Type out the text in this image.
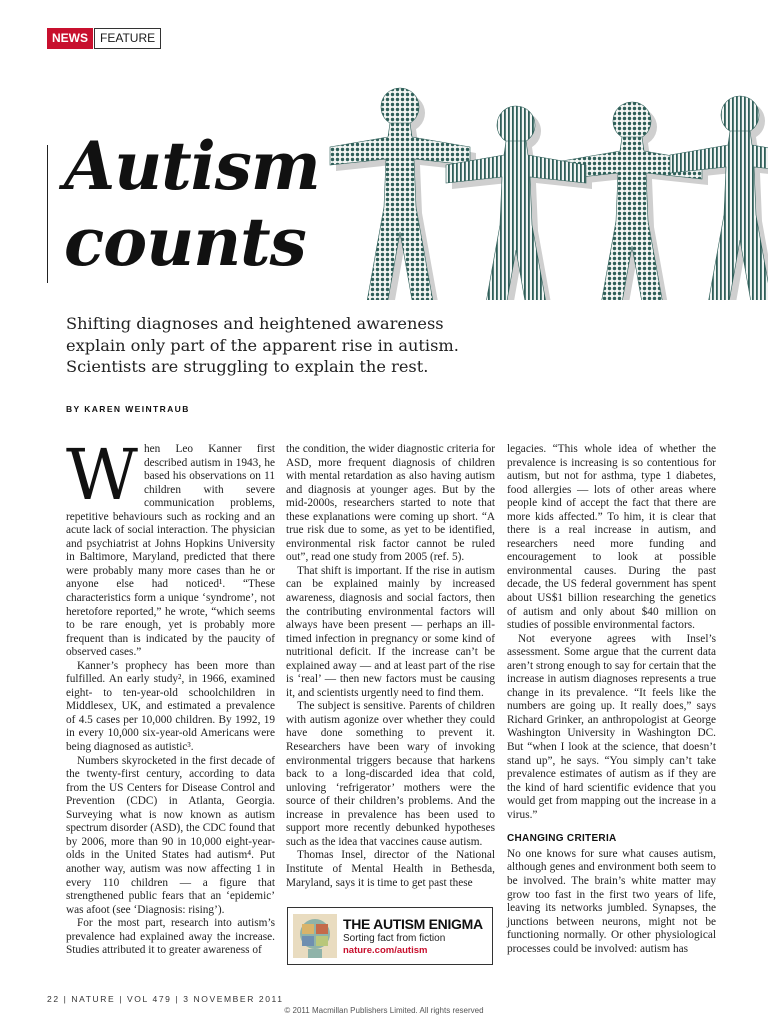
NEWS	FEATURE
Autism
counts

Shifting diagnoses and heightened awareness explain only part of the apparent rise in autism. Scientists are struggling to explain the rest.

BY KAREN WEINTRAUB
W hen Leo Kanner first described autism in 1943, he based his observations on 11 children with severe communication problems, repetitive behaviours such as rocking and an acute lack of social interaction. The physician and psychiatrist at Johns Hopkins University in Baltimore, Maryland, predicted that there were probably many more cases than he or anyone else had noticed¹. “These characteristics form a unique ‘syndrome’, not heretofore reported,” he wrote, “which seems to be rare enough, yet is probably more frequent than is indicated by the paucity of observed cases.”

Kanner’s prophecy has been more than fulfilled. An early study², in 1966, examined eight- to ten-year-old schoolchildren in Middlesex, UK, and estimated a prevalence of 4.5 cases per 10,000 children. By 1992, 19 in every 10,000 six-year-old Americans were being diagnosed as autistic³.

Numbers skyrocketed in the first decade of the twenty-first century, according to data from the US Centers for Disease Control and Prevention (CDC) in Atlanta, Georgia. Surveying what is now known as autism spectrum disorder (ASD), the CDC found that by 2006, more than 90 in 10,000 eight-year-olds in the United States had autism⁴. Put another way, autism was now affecting 1 in every 110 children — a figure that strengthened public fears that an ‘epidemic’ was afoot (see ‘Diagnosis: rising’).

For the most part, research into autism’s prevalence had explained away the increase. Studies attributed it to greater awareness of

the condition, the wider diagnostic criteria for ASD, more frequent diagnosis of children with mental retardation as also having autism and diagnosis at younger ages. But by the mid-2000s, researchers started to note that these explanations were coming up short. “A true risk due to some, as yet to be identified, environmental risk factor cannot be ruled out”, read one study from 2005 (ref. 5).

That shift is important. If the rise in autism can be explained mainly by increased awareness, diagnosis and social factors, then the contributing environmental factors will always have been present — perhaps an ill-timed infection in pregnancy or some kind of nutritional deficit. If the increase can’t be explained away — and at least part of the rise is ‘real’ — then new factors must be causing it, and scientists urgently need to find them.

The subject is sensitive. Parents of children with autism agonize over whether they could have done something to prevent it. Researchers have been wary of invoking environmental triggers because that harkens back to a long-discarded idea that cold, unloving ‘refrigerator’ mothers were the source of their children’s problems. And the increase in prevalence has been used to support more recently debunked hypotheses such as the idea that vaccines cause autism.

Thomas Insel, director of the National Institute of Mental Health in Bethesda, Maryland, says it is time to get past these

legacies. “This whole idea of whether the prevalence is increasing is so contentious for autism, but not for asthma, type 1 diabetes, food allergies — lots of other areas where people kind of accept the fact that there are more kids affected.” To him, it is clear that there is a real increase in autism, and researchers need more funding and encouragement to look at possible environmental causes. During the past decade, the US federal government has spent about US$1 billion researching the genetics of autism and only about $40 million on studies of possible environmental factors.

Not everyone agrees with Insel’s assessment. Some argue that the current data aren’t strong enough to say for certain that the increase in autism diagnoses represents a true change in its prevalence. “It feels like the numbers are going up. It really does,” says Richard Grinker, an anthropologist at George Washington University in Washington DC. But “when I look at the science, that doesn’t stand up”, he says. “You simply can’t take prevalence estimates of autism as if they are the kind of hard scientific evidence that you would get from mapping out the increase in a virus.”

CHANGING CRITERIA

No one knows for sure what causes autism, although genes and environment both seem to be involved. The brain’s white matter may grow too fast in the first two years of life, leaving its networks jumbled. Synapses, the junctions between neurons, might not be functioning normally. Or other physiological processes could be involved: autism has

THE AUTISM ENIGMA
Sorting fact from fiction
nature.com/autism
22 | NATURE | VOL 479 | 3 NOVEMBER 2011
© 2011 Macmillan Publishers Limited. All rights reserved
